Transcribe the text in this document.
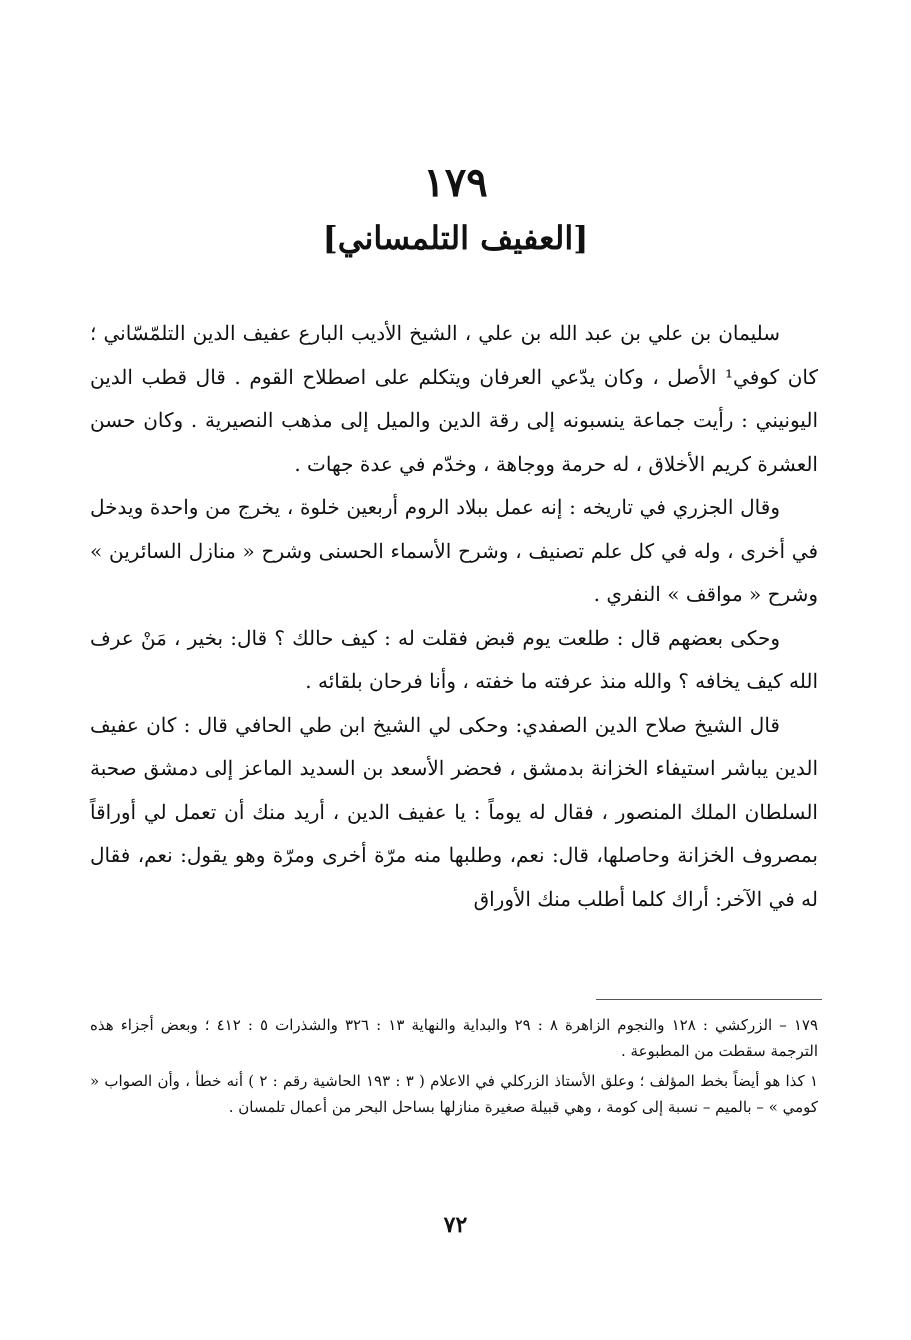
١٧٩
[العفيف التلمساني]

سليمان بن علي بن عبد الله بن علي ، الشيخ الأديب البارع عفيف الدين التلمّسّاني ؛ كان كوفي¹ الأصل ، وكان يدّعي العرفان ويتكلم على اصطلاح القوم . قال قطب الدين اليونيني : رأيت جماعة ينسبونه إلى رقة الدين والميل إلى مذهب النصيرية . وكان حسن العشرة كريم الأخلاق ، له حرمة ووجاهة ، وخدّم في عدة جهات .

وقال الجزري في تاريخه : إنه عمل ببلاد الروم أربعين خلوة ، يخرج من واحدة ويدخل في أخرى ، وله في كل علم تصنيف ، وشرح الأسماء الحسنى وشرح « منازل السائرين » وشرح « مواقف » النفري .

وحكى بعضهم قال : طلعت يوم قبض فقلت له : كيف حالك ؟ قال: بخير ، مَنْ عرف الله كيف يخافه ؟ والله منذ عرفته ما خفته ، وأنا فرحان بلقائه .

قال الشيخ صلاح الدين الصفدي: وحكى لي الشيخ ابن طي الحافي قال : كان عفيف الدين يباشر استيفاء الخزانة بدمشق ، فحضر الأسعد بن السديد الماعز إلى دمشق صحبة السلطان الملك المنصور ، فقال له يوماً : يا عفيف الدين ، أريد منك أن تعمل لي أوراقاً بمصروف الخزانة وحاصلها، قال: نعم، وطلبها منه مرّة أخرى ومرّة وهو يقول: نعم، فقال له في الآخر: أراك كلما أطلب منك الأوراق

١٧٩ – الزركشي : ١٢٨ والنجوم الزاهرة ٨ : ٢٩ والبداية والنهاية ١٣ : ٣٢٦ والشذرات ٥ : ٤١٢ ؛ وبعض أجزاء هذه الترجمة سقطت من المطبوعة .

١ كذا هو أيضاً بخط المؤلف ؛ وعلق الأستاذ الزركلي في الاعلام ( ٣ : ١٩٣ الحاشية رقم : ٢ ) أنه خطأ ، وأن الصواب « كومي » – بالميم – نسبة إلى كومة ، وهي قبيلة صغيرة منازلها بساحل البحر من أعمال تلمسان .

٧٢
